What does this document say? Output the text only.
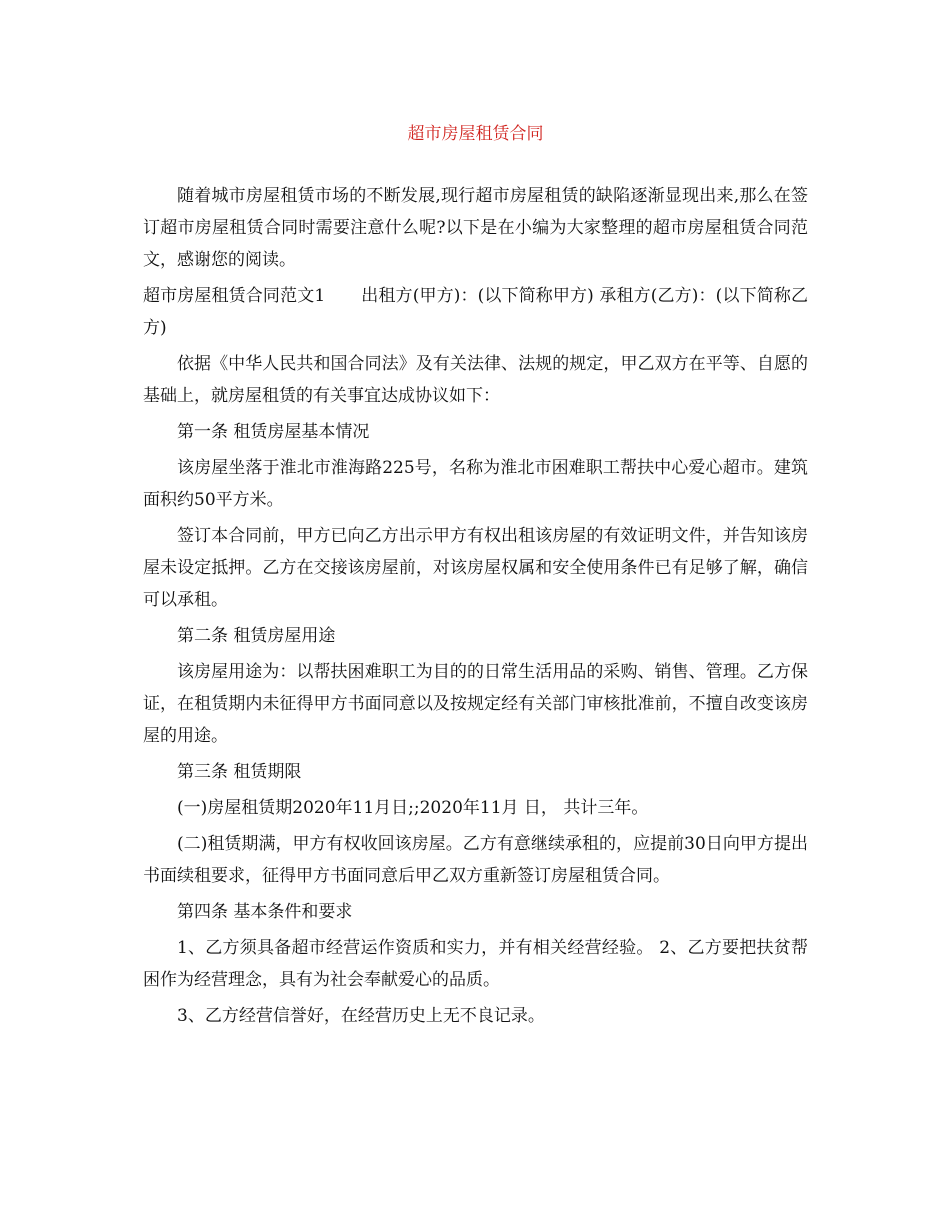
超市房屋租赁合同

随着城市房屋租赁市场的不断发展,现行超市房屋租赁的缺陷逐渐显现出来,那么在签订超市房屋租赁合同时需要注意什么呢?以下是在小编为大家整理的超市房屋租赁合同范文，感谢您的阅读。

超市房屋租赁合同范文1 出租方(甲方)：(以下简称甲方) 承租方(乙方)：(以下简称乙方)

依据《中华人民共和国合同法》及有关法律、法规的规定，甲乙双方在平等、自愿的基础上，就房屋租赁的有关事宜达成协议如下：

第一条 租赁房屋基本情况

该房屋坐落于淮北市淮海路225号，名称为淮北市困难职工帮扶中心爱心超市。建筑面积约50平方米。

签订本合同前，甲方已向乙方出示甲方有权出租该房屋的有效证明文件，并告知该房屋未设定抵押。乙方在交接该房屋前，对该房屋权属和安全使用条件已有足够了解，确信可以承租。

第二条 租赁房屋用途

该房屋用途为：以帮扶困难职工为目的的日常生活用品的采购、销售、管理。乙方保证，在租赁期内未征得甲方书面同意以及按规定经有关部门审核批准前，不擅自改变该房屋的用途。

第三条 租赁期限

(一)房屋租赁期2020年11月日;;2020年11月 日， 共计三年。

(二)租赁期满，甲方有权收回该房屋。乙方有意继续承租的，应提前30日向甲方提出书面续租要求，征得甲方书面同意后甲乙双方重新签订房屋租赁合同。

第四条 基本条件和要求

1、乙方须具备超市经营运作资质和实力，并有相关经营经验。 2、乙方要把扶贫帮困作为经营理念，具有为社会奉献爱心的品质。

3、乙方经营信誉好，在经营历史上无不良记录。
